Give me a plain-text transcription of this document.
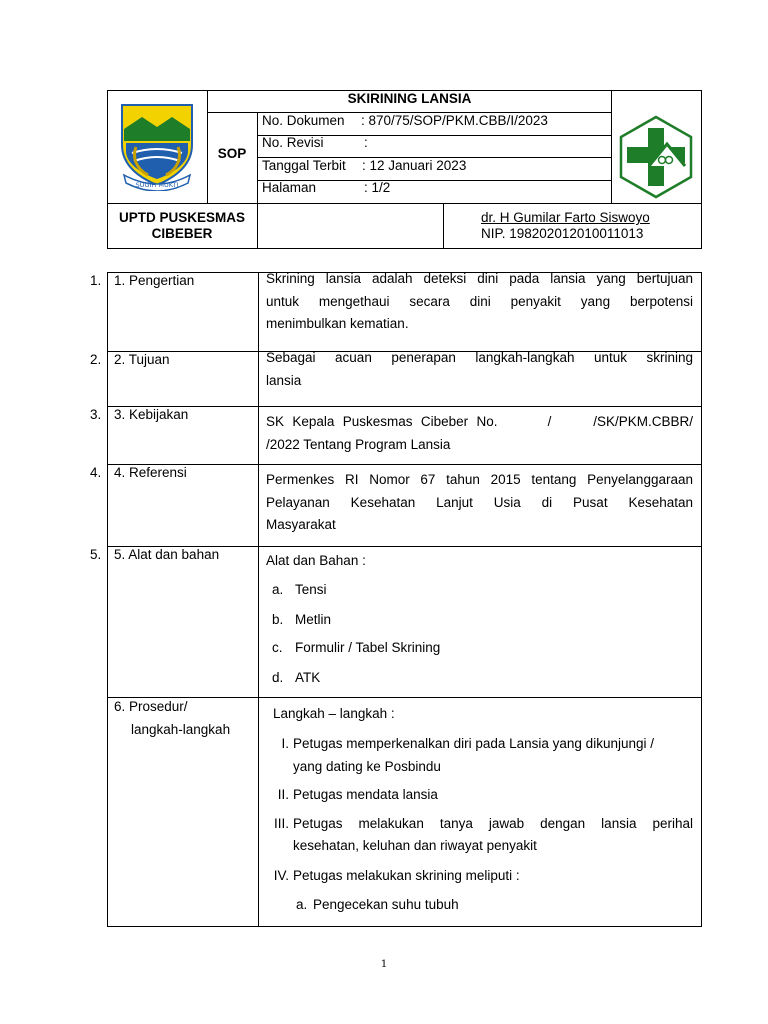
SUGIH MUKTI
SKIRINING LANSIA
SOP
No. Dokumen : 870/75/SOP/PKM.CBB/I/2023
No. Revisi	:
Tanggal Terbit : 12 Januari 2023
Halaman	: 1/2
UPTD PUSKESMAS
CIBEBER
dr. H Gumilar Farto Siswoyo
NIP. 198202012010011013
1. 1. Pengertian	Skrining lansia adalah deteksi dini pada lansia yang bertujuan
untuk mengethaui secara dini penyakit yang berpotensi
menimbulkan kematian.
2. 2. Tujuan	Sebagai acuan penerapan langkah-langkah untuk skrining
lansia
3. 3. Kebijakan	SK Kepala Puskesmas Cibeber No.      /     /SK/PKM.CBBR/
/2022 Tentang Program Lansia
4. 4. Referensi	Permenkes RI Nomor 67 tahun 2015 tentang Penyelanggaraan
Pelayanan Kesehatan Lanjut Usia di Pusat Kesehatan
Masyarakat
5. 5. Alat dan bahan	Alat dan Bahan :
a. Tensi
b. Metlin
c. Formulir / Tabel Skrining
d. ATK
6. Prosedur/
langkah-langkah
Langkah – langkah :
I. Petugas memperkenalkan diri pada Lansia yang dikunjungi /
yang dating ke Posbindu
II. Petugas mendata lansia
III. Petugas melakukan tanya jawab dengan lansia perihal
kesehatan, keluhan dan riwayat penyakit
IV. Petugas melakukan skrining meliputi :
a. Pengecekan suhu tubuh
1
